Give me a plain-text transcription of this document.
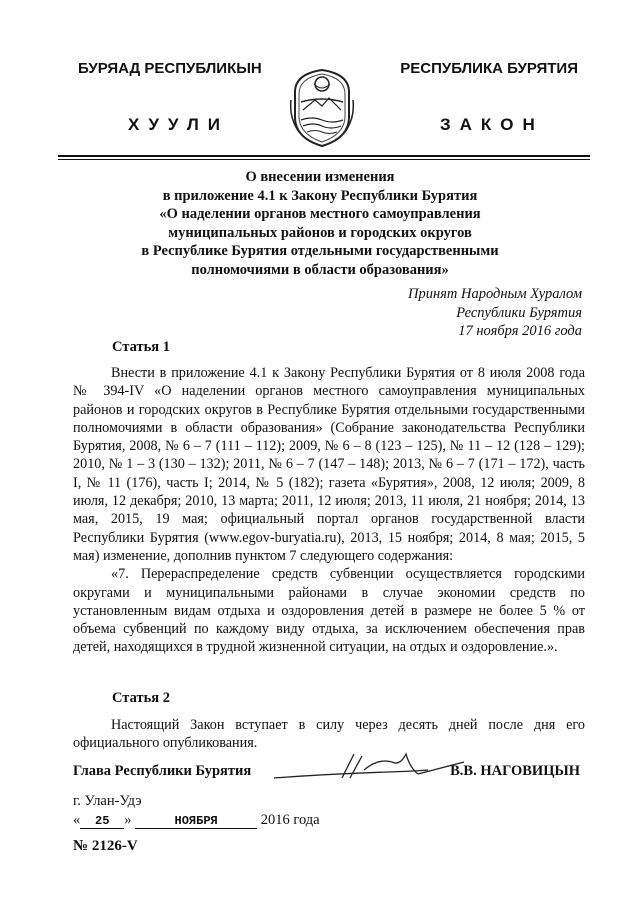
БУРЯАД РЕСПУБЛИКЫН	РЕСПУБЛИКА БУРЯТИЯ
ХУУЛИ	ЗАКОН
О внесении изменения
в приложение 4.1 к Закону Республики Бурятия
«О наделении органов местного самоуправления
муниципальных районов и городских округов
в Республике Бурятия отдельными государственными
полномочиями в области образования»
Принят Народным Хуралом
Республики Бурятия
17 ноября 2016 года
Статья 1

Внести в приложение 4.1 к Закону Республики Бурятия от 8 июля 2008 года № 394-IV «О наделении органов местного самоуправления муниципальных районов и городских округов в Республике Бурятия отдельными государственными полномочиями в области образования» (Собрание законодательства Республики Бурятия, 2008, № 6 – 7 (111 – 112); 2009, № 6 – 8 (123 – 125), № 11 – 12 (128 – 129); 2010, № 1 – 3 (130 – 132); 2011, № 6 – 7 (147 – 148); 2013, № 6 – 7 (171 – 172), часть I, № 11 (176), часть I; 2014, № 5 (182); газета «Бурятия», 2008, 12 июля; 2009, 8 июля, 12 декабря; 2010, 13 марта; 2011, 12 июля; 2013, 11 июля, 21 ноября; 2014, 13 мая, 2015, 19 мая; официальный портал органов государственной власти Республики Бурятия (www.egov-buryatia.ru), 2013, 15 ноября; 2014, 8 мая; 2015, 5 мая) изменение, дополнив пунктом 7 следующего содержания:

«7. Перераспределение средств субвенции осуществляется городскими округами и муниципальными районами в случае экономии средств по установленным видам отдыха и оздоровления детей в размере не более 5 % от объема субвенций по каждому виду отдыха, за исключением обеспечения прав детей, находящихся в трудной жизненной ситуации, на отдых и оздоровление.».

Статья 2

Настоящий Закон вступает в силу через десять дней после дня его официального опубликования.

Глава Республики Бурятия	В.В. НАГОВИЦЫН
г. Улан-Удэ
« 25 »	НОЯБРЯ	2016 года
№ 2126-V
